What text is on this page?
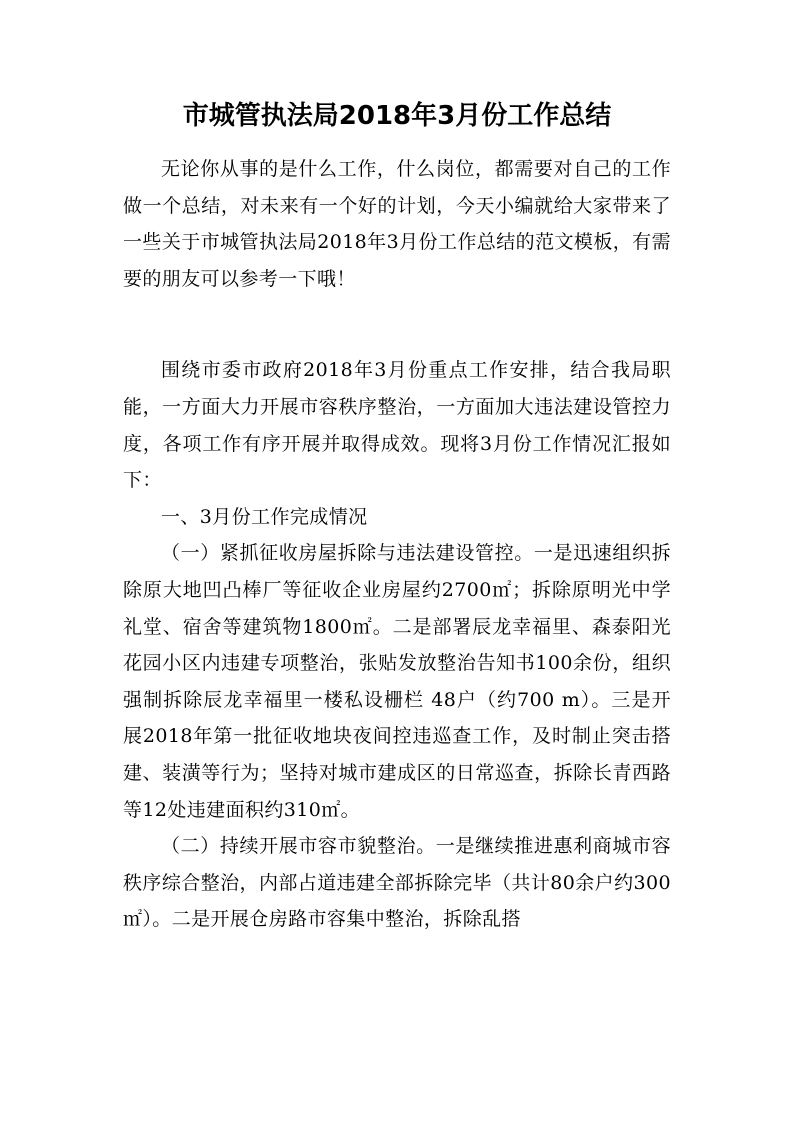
市城管执法局2018年3月份工作总结

无论你从事的是什么工作，什么岗位，都需要对自己的工作做一个总结，对未来有一个好的计划，今天小编就给大家带来了一些关于市城管执法局2018年3月份工作总结的范文模板，有需要的朋友可以参考一下哦！

围绕市委市政府2018年3月份重点工作安排，结合我局职能，一方面大力开展市容秩序整治，一方面加大违法建设管控力度，各项工作有序开展并取得成效。现将3月份工作情况汇报如下：

一、3月份工作完成情况

（一）紧抓征收房屋拆除与违法建设管控。一是迅速组织拆除原大地凹凸棒厂等征收企业房屋约2700㎡；拆除原明光中学礼堂、宿舍等建筑物1800㎡。二是部署辰龙幸福里、森泰阳光花园小区内违建专项整治，张贴发放整治告知书100余份，组织强制拆除辰龙幸福里一楼私设栅栏 48户（约700 m）。三是开展2018年第一批征收地块夜间控违巡查工作，及时制止突击搭建、装潢等行为；坚持对城市建成区的日常巡查，拆除长青西路等12处违建面积约310㎡。

（二）持续开展市容市貌整治。一是继续推进惠利商城市容秩序综合整治，内部占道违建全部拆除完毕（共计80余户约300㎡）。二是开展仓房路市容集中整治，拆除乱搭
